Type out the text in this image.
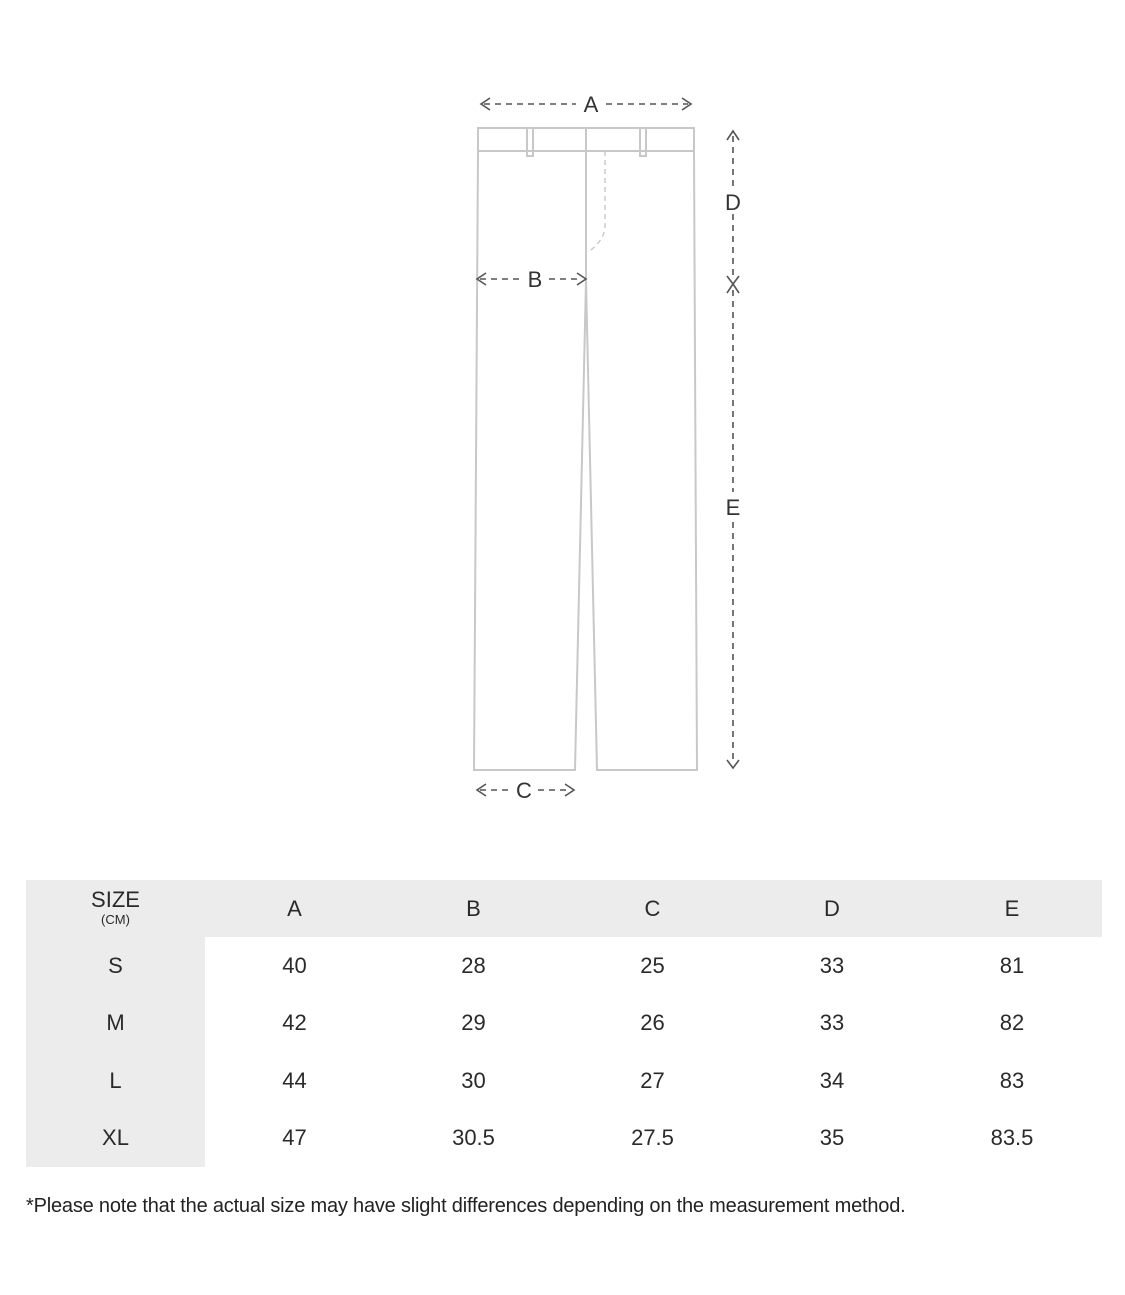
A
B
C
D
E
SIZE
(CM)	A	B	C	D	E
S	40	28	25	33	81
M	42	29	26	33	82
L	44	30	27	34	83
XL	47	30.5	27.5	35	83.5

*Please note that the actual size may have slight differences depending on the measurement method.
